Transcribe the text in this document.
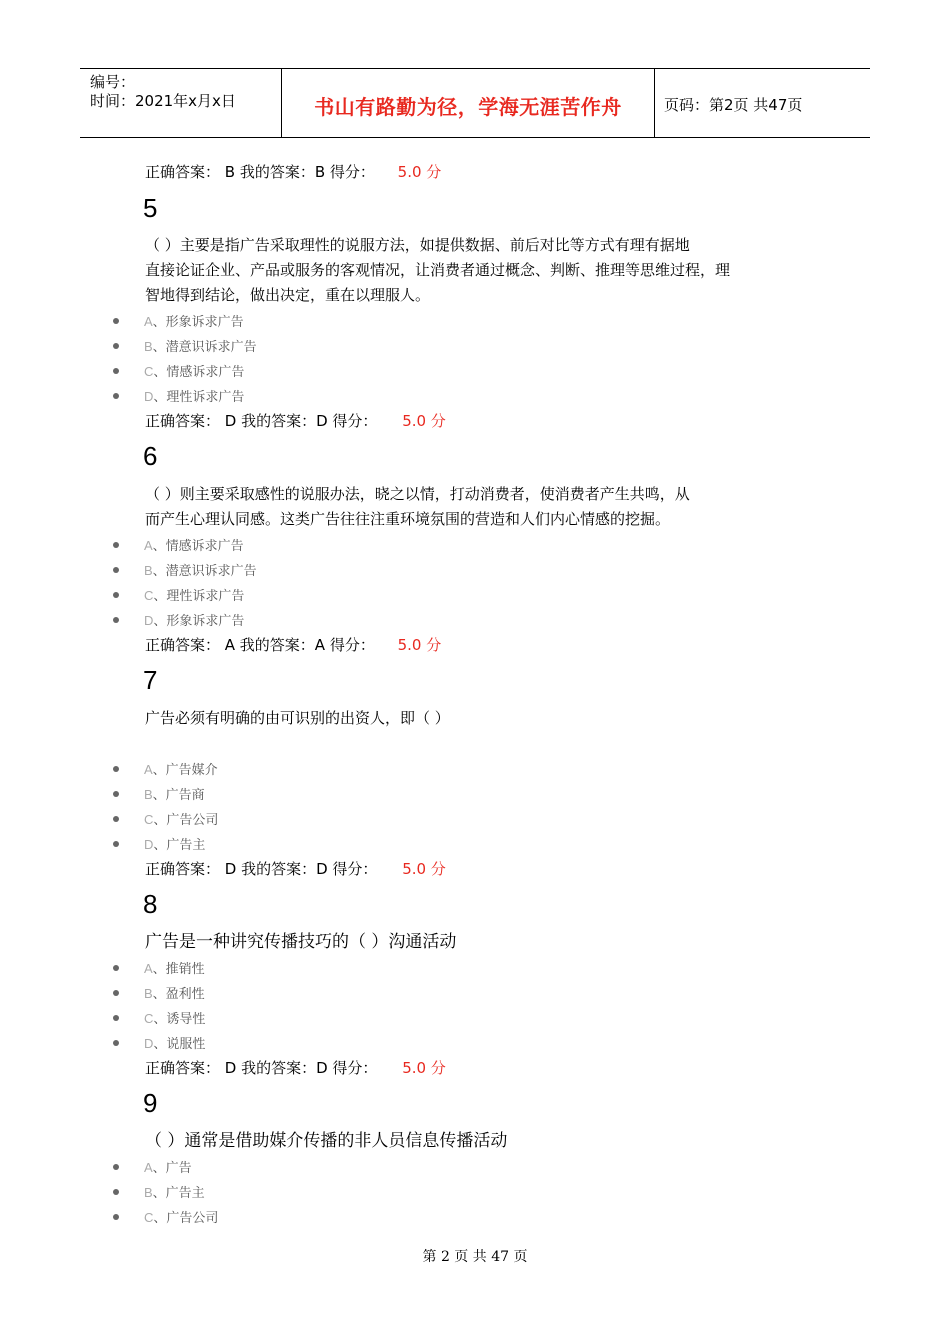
编号：
时间：2021年x月x日	书山有路勤为径，学海无涯苦作舟	页码：第2页 共47页
正确答案： B 我的答案：B 得分： 5.0 分
5
（ ）主要是指广告采取理性的说服方法，如提供数据、前后对比等方式有理有据地
直接论证企业、产品或服务的客观情况，让消费者通过概念、判断、推理等思维过程，理
智地得到结论，做出决定，重在以理服人。
A、形象诉求广告
B、潜意识诉求广告
C、情感诉求广告
D、理性诉求广告
正确答案： D 我的答案：D 得分： 5.0 分
6
（ ）则主要采取感性的说服办法，晓之以情，打动消费者，使消费者产生共鸣，从
而产生心理认同感。这类广告往往注重环境氛围的营造和人们内心情感的挖掘。
A、情感诉求广告
B、潜意识诉求广告
C、理性诉求广告
D、形象诉求广告
正确答案： A 我的答案：A 得分： 5.0 分
7
广告必须有明确的由可识别的出资人，即（ ）
A、广告媒介
B、广告商
C、广告公司
D、广告主
正确答案： D 我的答案：D 得分： 5.0 分
8
广告是一种讲究传播技巧的（ ）沟通活动
A、推销性
B、盈利性
C、诱导性
D、说服性
正确答案： D 我的答案：D 得分： 5.0 分
9
（ ）通常是借助媒介传播的非人员信息传播活动
A、广告
B、广告主
C、广告公司
第 2 页 共 47 页
